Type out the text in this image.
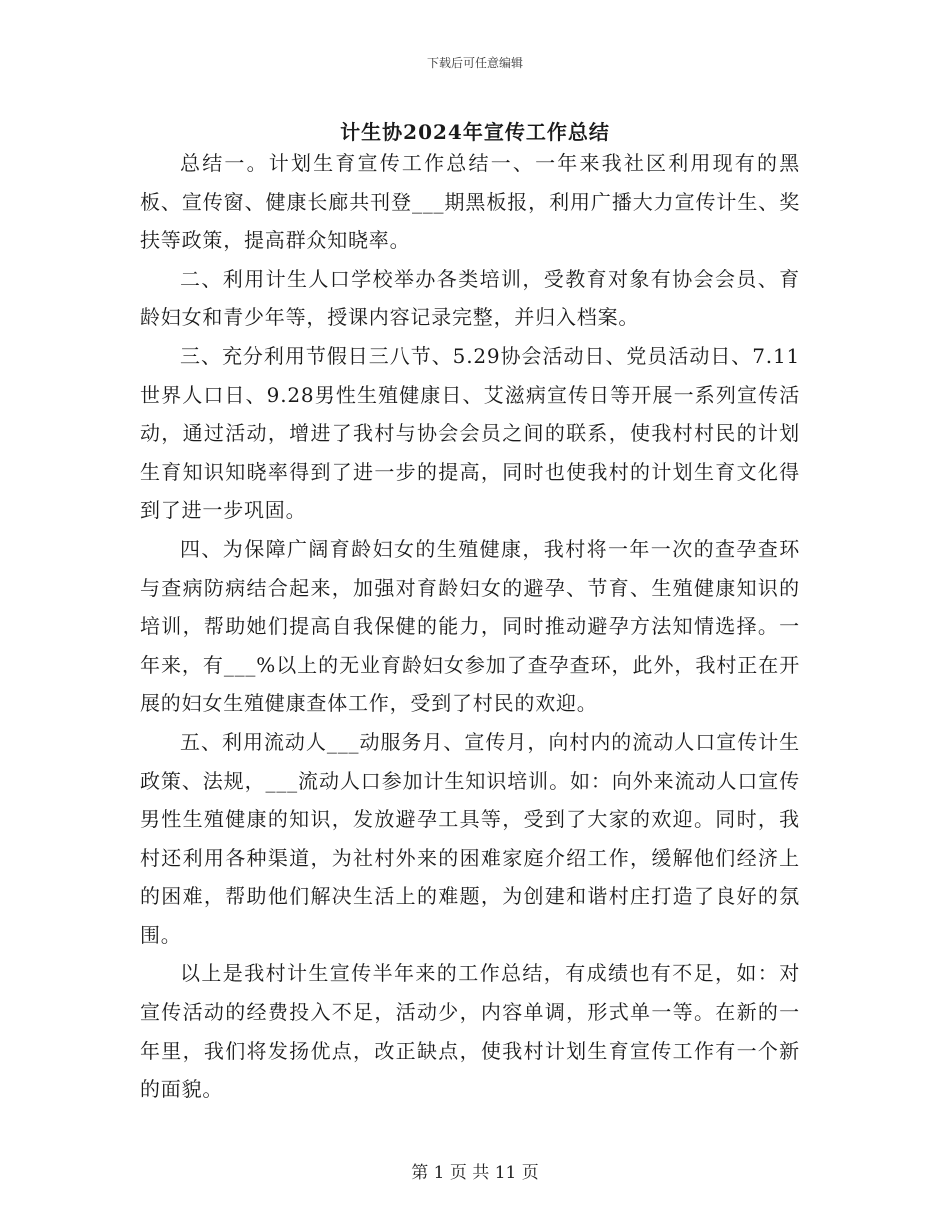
下载后可任意编辑
计生协2024年宣传工作总结

总结一。计划生育宣传工作总结一、一年来我社区利用现有的黑板、宣传窗、健康长廊共刊登___期黑板报，利用广播大力宣传计生、奖扶等政策，提高群众知晓率。

二、利用计生人口学校举办各类培训，受教育对象有协会会员、育龄妇女和青少年等，授课内容记录完整，并归入档案。

三、充分利用节假日三八节、5.29协会活动日、党员活动日、7.11世界人口日、9.28男性生殖健康日、艾滋病宣传日等开展一系列宣传活动，通过活动，增进了我村与协会会员之间的联系，使我村村民的计划生育知识知晓率得到了进一步的提高，同时也使我村的计划生育文化得到了进一步巩固。

四、为保障广阔育龄妇女的生殖健康，我村将一年一次的查孕查环与查病防病结合起来，加强对育龄妇女的避孕、节育、生殖健康知识的培训，帮助她们提高自我保健的能力，同时推动避孕方法知情选择。一年来，有___%以上的无业育龄妇女参加了查孕查环，此外，我村正在开展的妇女生殖健康查体工作，受到了村民的欢迎。

五、利用流动人___动服务月、宣传月，向村内的流动人口宣传计生政策、法规，___流动人口参加计生知识培训。如：向外来流动人口宣传男性生殖健康的知识，发放避孕工具等，受到了大家的欢迎。同时，我村还利用各种渠道，为社村外来的困难家庭介绍工作，缓解他们经济上的困难，帮助他们解决生活上的难题，为创建和谐村庄打造了良好的氛围。

以上是我村计生宣传半年来的工作总结，有成绩也有不足，如：对宣传活动的经费投入不足，活动少，内容单调，形式单一等。在新的一年里，我们将发扬优点，改正缺点，使我村计划生育宣传工作有一个新的面貌。

第 1 页 共 11 页
